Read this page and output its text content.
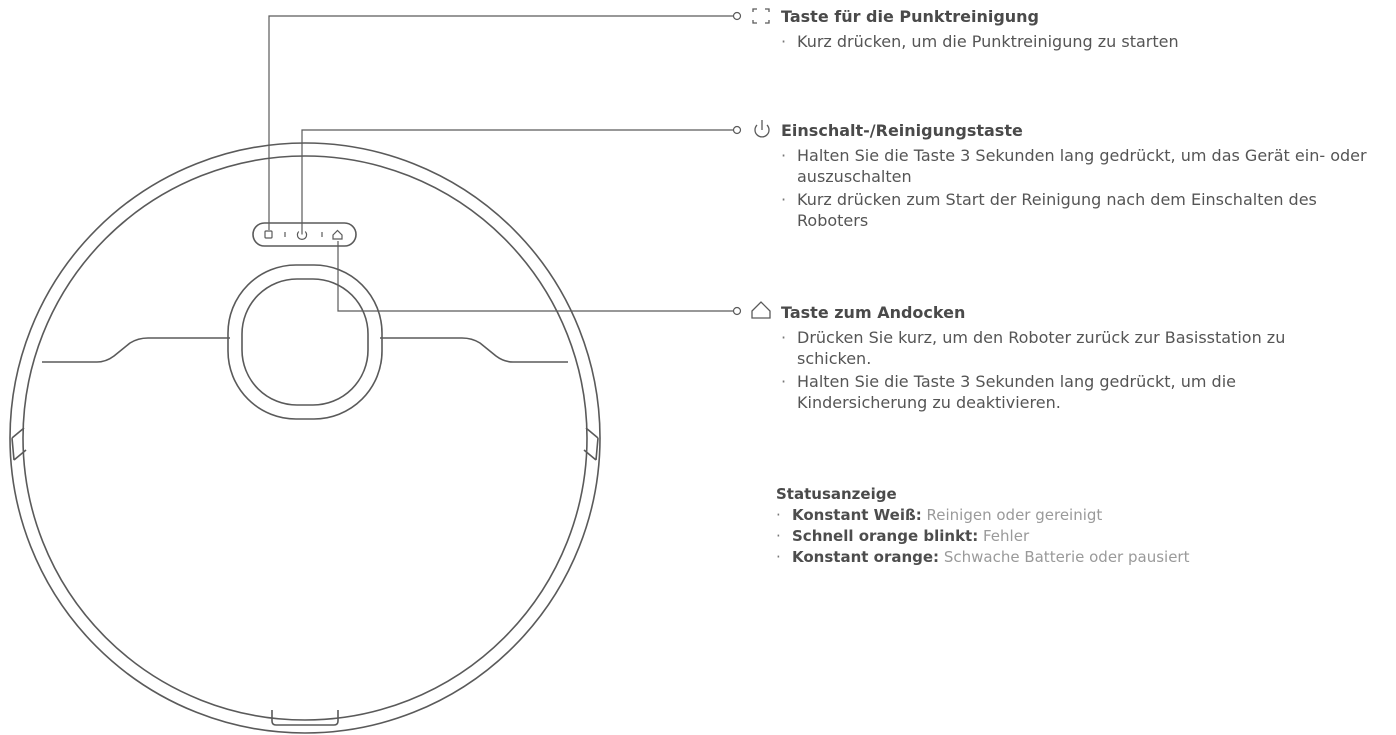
Taste für die Punktreinigung
· Kurz drücken, um die Punktreinigung zu starten
Einschalt-/Reinigungstaste
· Halten Sie die Taste 3 Sekunden lang gedrückt, um das Gerät ein- oder auszuschalten
· Kurz drücken zum Start der Reinigung nach dem Einschalten des Roboters
Taste zum Andocken
· Drücken Sie kurz, um den Roboter zurück zur Basisstation zu schicken.
· Halten Sie die Taste 3 Sekunden lang gedrückt, um die Kindersicherung zu deaktivieren.
Statusanzeige
· Konstant Weiß: Reinigen oder gereinigt
· Schnell orange blinkt: Fehler
· Konstant orange: Schwache Batterie oder pausiert
